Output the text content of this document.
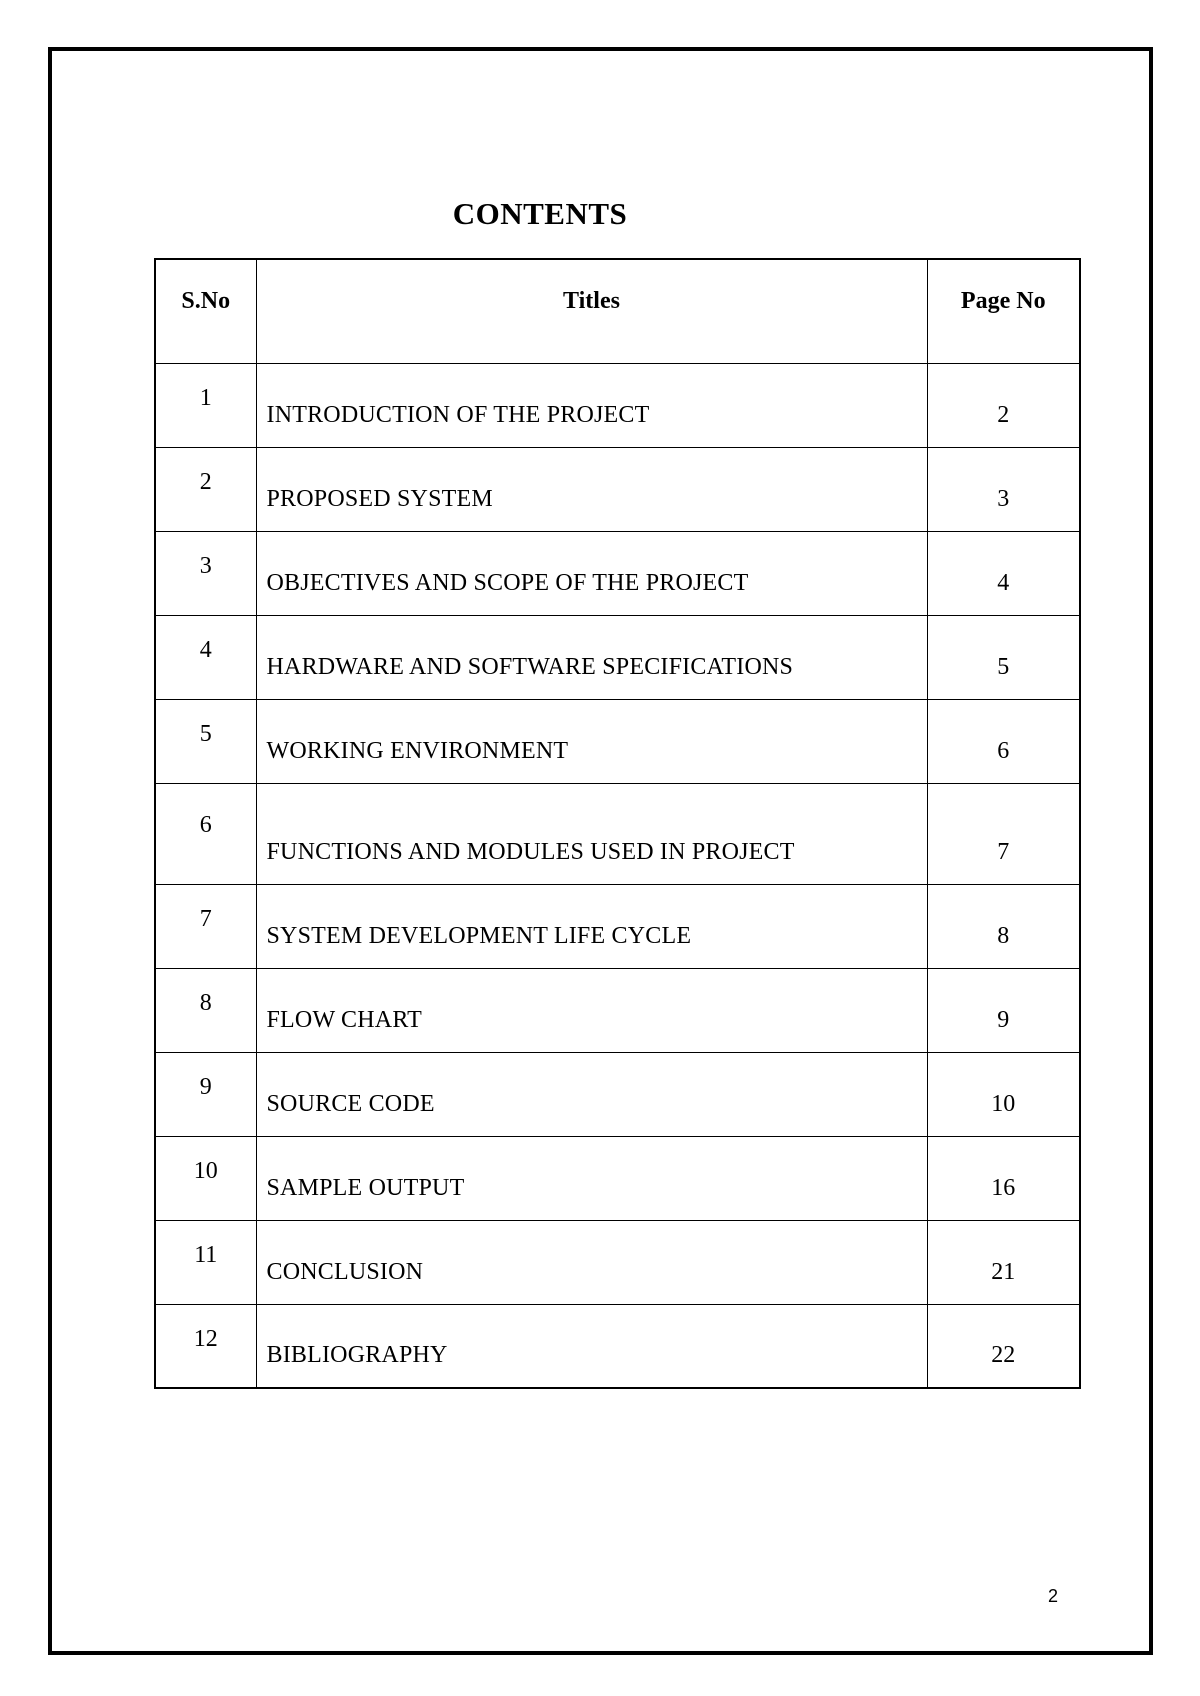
CONTENTS
S.No	Titles	Page No

1	INTRODUCTION OF THE PROJECT	2

2	PROPOSED SYSTEM	3

3	OBJECTIVES AND SCOPE OF THE PROJECT	4

4	HARDWARE AND SOFTWARE SPECIFICATIONS	5

5	WORKING ENVIRONMENT	6

6	FUNCTIONS AND MODULES USED IN PROJECT	7

7	SYSTEM DEVELOPMENT LIFE CYCLE	8

8	FLOW CHART	9

9	SOURCE CODE	10

10	SAMPLE OUTPUT	16

11	CONCLUSION	21

12	BIBLIOGRAPHY	22
2
